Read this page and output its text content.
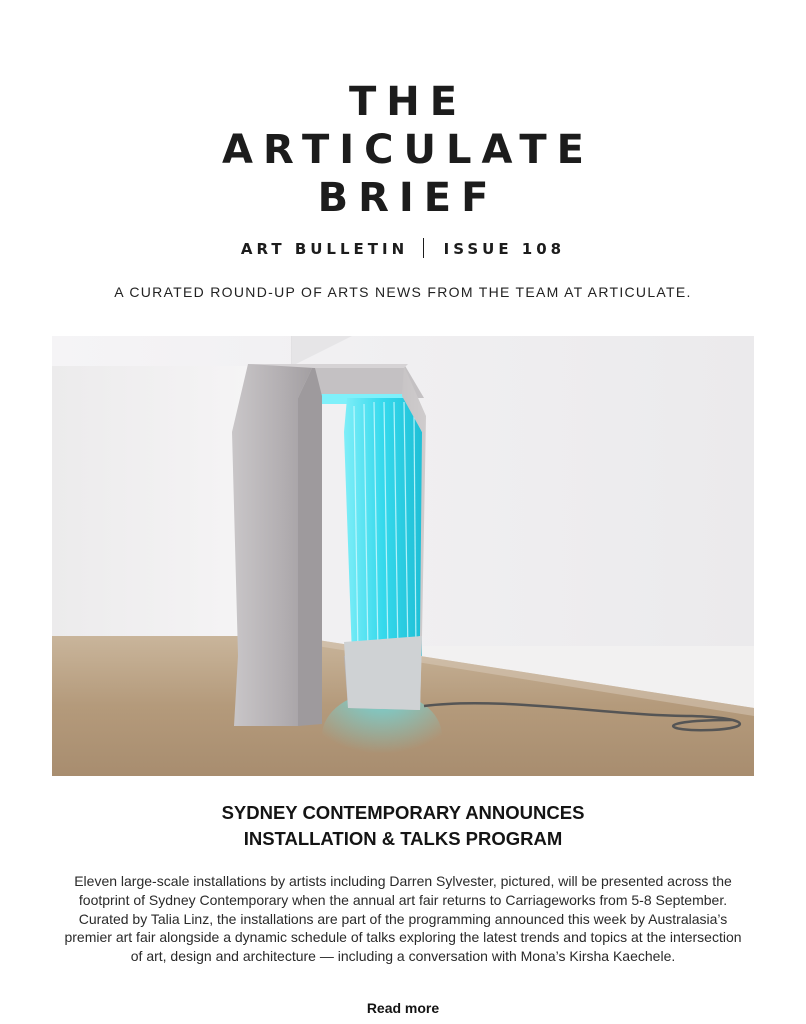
THE
ARTICULATE
BRIEF
ART BULLETIN ISSUE 108
A CURATED ROUND-UP OF ARTS NEWS FROM THE TEAM AT ARTICULATE.
SYDNEY CONTEMPORARY ANNOUNCES
INSTALLATION & TALKS PROGRAM
Eleven large-scale installations by artists including Darren Sylvester, pictured, will be presented across the footprint of Sydney Contemporary when the annual art fair returns to Carriageworks from 5-8 September. Curated by Talia Linz, the installations are part of the programming announced this week by Australasia’s premier art fair alongside a dynamic schedule of talks exploring the latest trends and topics at the intersection of art, design and architecture — including a conversation with Mona’s Kirsha Kaechele.
Read more
